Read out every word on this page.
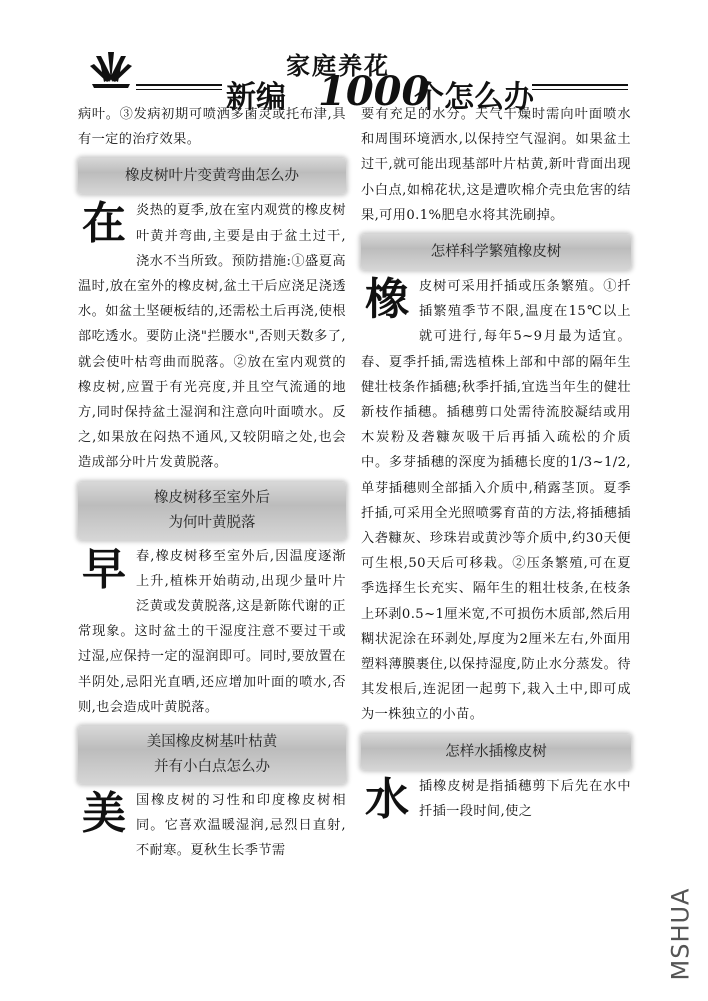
家庭养花
新编 1000
个怎么办

病叶。③发病初期可喷洒多菌灵或托布津,具有一定的治疗效果。

橡皮树叶片变黄弯曲怎么办
在 炎热的夏季,放在室内观赏的橡皮树叶黄并弯曲,主要是由于盆土过干,浇水不当所致。预防措施:①盛夏高温时,放在室外的橡皮树,盆土干后应浇足浇透水。如盆土坚硬板结的,还需松土后再浇,使根部吃透水。要防止浇"拦腰水",否则天数多了,就会使叶枯弯曲而脱落。②放在室内观赏的橡皮树,应置于有光亮度,并且空气流通的地方,同时保持盆土湿润和注意向叶面喷水。反之,如果放在闷热不通风,又较阴暗之处,也会造成部分叶片发黄脱落。

橡皮树移至室外后
为何叶黄脱落
早 春,橡皮树移至室外后,因温度逐渐上升,植株开始萌动,出现少量叶片泛黄或发黄脱落,这是新陈代谢的正常现象。这时盆土的干湿度注意不要过干或过湿,应保持一定的湿润即可。同时,要放置在半阴处,忌阳光直晒,还应增加叶面的喷水,否则,也会造成叶黄脱落。

美国橡皮树基叶枯黄
并有小白点怎么办
美 国橡皮树的习性和印度橡皮树相同。它喜欢温暖湿润,忌烈日直射,不耐寒。夏秋生长季节需

要有充足的水分。天气干燥时需向叶面喷水和周围环境洒水,以保持空气湿润。如果盆土过干,就可能出现基部叶片枯黄,新叶背面出现小白点,如棉花状,这是遭吹棉介壳虫危害的结果,可用0.1%肥皂水将其洗刷掉。

怎样科学繁殖橡皮树
橡 皮树可采用扦插或压条繁殖。①扦插繁殖季节不限,温度在15℃以上就可进行,每年5~9月最为适宜。春、夏季扦插,需选植株上部和中部的隔年生健壮枝条作插穗;秋季扦插,宜选当年生的健壮新枝作插穗。插穗剪口处需待流胶凝结或用木炭粉及砻糠灰吸干后再插入疏松的介质中。多芽插穗的深度为插穗长度的1/3~1/2,单芽插穗则全部插入介质中,稍露茎顶。夏季扦插,可采用全光照喷雾育苗的方法,将插穗插入砻糠灰、珍珠岩或黄沙等介质中,约30天便可生根,50天后可移栽。②压条繁殖,可在夏季选择生长充实、隔年生的粗壮枝条,在枝条上环剥0.5~1厘米宽,不可损伤木质部,然后用糊状泥涂在环剥处,厚度为2厘米左右,外面用塑料薄膜裹住,以保持湿度,防止水分蒸发。待其发根后,连泥团一起剪下,栽入土中,即可成为一株独立的小苗。

怎样水插橡皮树
水 插橡皮树是指插穗剪下后先在水中扦插一段时间,使之

MSHUA
